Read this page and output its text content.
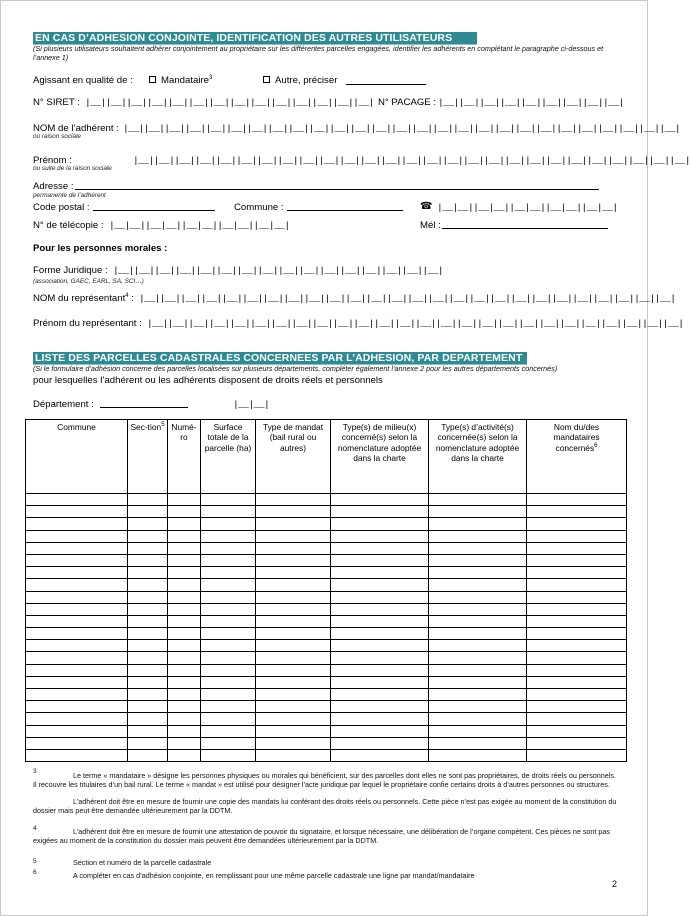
EN CAS D’ADHESION CONJOINTE, IDENTIFICATION DES AUTRES UTILISATEURS
(Si plusieurs utilisateurs souhaitent adhérer conjointement au propriétaire sur les différentes parcelles engagées, identifier les adhérents en complétant le paragraphe ci-dessous et l’annexe 1)
Agissant en qualité de :	Mandataire$^3$	Autre, préciser
N° SIRET : |__||__||__||__||__||__||__||__||__||__||__||__||__||__| N° PACAGE : |__||__||__||__||__||__||__||__||__|
NOM de l’adhérent : |__||__||__||__||__||__||__||__||__||__||__||__||__||__||__||__||__||__||__||__||__||__||__||__||__||__||__|
ou raison sociale
Prénom :	|__||__||__||__||__||__||__||__||__||__||__||__||__||__||__||__||__||__||__||__||__||__||__||__||__||__||__|
ou suite de la raison sociale
Adresse :
permanente de l’adhérent
Code postal :	Commune :	☎ |__|__||__|__||__|__||__|__||__|__|
N° de télécopie : |__|__||__|__||__|__||__|__||__|__|	Mél :
Pour les personnes morales :
Forme Juridique : |__||__||__||__||__||__||__||__||__||__||__||__||__||__||__||__|
(association, GAEC, EARL, SA, SCI…)
NOM du représentant$^4$ : |__||__||__||__||__||__||__||__||__||__||__||__||__||__||__||__||__||__||__||__||__||__||__||__||__||__|
Prénom du représentant : |__||__||__||__||__||__||__||__||__||__||__||__||__||__||__||__||__||__||__||__||__||__||__||__||__||__|
LISTE DES PARCELLES CADASTRALES CONCERNEES PAR L’ADHESION, PAR DEPARTEMENT
(Si le formulaire d’adhésion concerne des parcelles localisées sur plusieurs départements, compléter également l’annexe 2 pour les autres départements concernés)
pour lesquelles l’adhérent ou les adhérents disposent de droits réels et personnels
Département :	|__|__|
Commune	Sec-tion$^5$	Numé-ro	Surface totale de la parcelle (ha)	Type de mandat (bail rural ou autres)	Type(s) de milieu(x) concerné(s) selon la nomenclature adoptée dans la charte	Type(s) d’activité(s) concernée(s) selon la nomenclature adoptée dans la charte	Nom du/des mandataires concernés$^6$

3	Le terme « mandataire » désigne les personnes physiques ou morales qui bénéficient, sur des parcelles dont elles ne sont pas propriétaires, de droits réels ou personnels. Il recouvre les titulaires d’un bail rural. Le terme « mandat » est utilisé pour désigner l’acte juridique par lequel le propriétaire confie certains droits à d’autres personnes ou structures.
L’adhérent doit être en mesure de fournir une copie des mandats lui conférant des droits réels ou personnels. Cette pièce n’est pas exigée au moment de la constitution du dossier mais peut être demandée ultérieurement par la DDTM.
4	L’adhérent doit être en mesure de fournir une attestation de pouvoir du signataire, et lorsque nécessaire, une délibération de l’organe compétent. Ces pièces ne sont pas exigées au moment de la constitution du dossier mais peuvent être demandées ultérieurement par la DDTM.
5	Section et numéro de la parcelle cadastrale
6	A compléter en cas d’adhésion conjointe, en remplissant pour une même parcelle cadastrale une ligne par mandat/mandataire
2
